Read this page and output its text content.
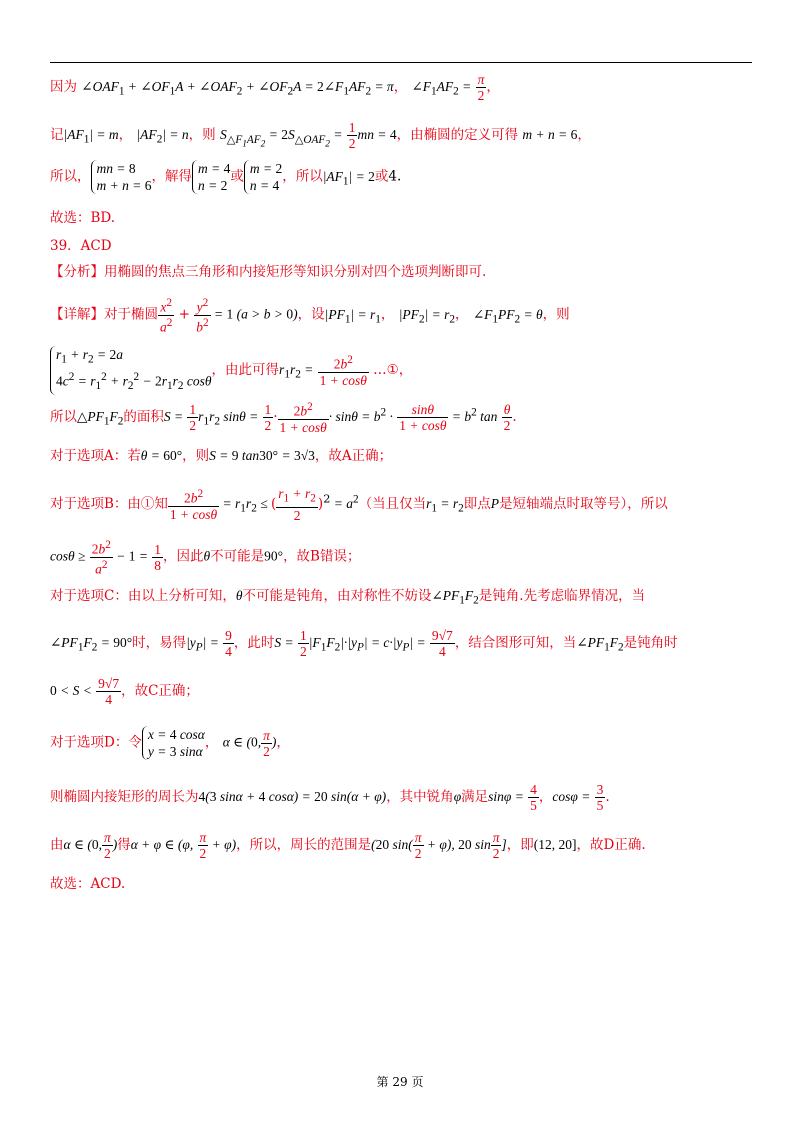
因为 $\angle OAF_1$ + $\angle OF_1A$ + $\angle OAF_2$ + $\angle OF_2A$ = $2\angle F_1AF_2 = \pi$， $\angle F_1AF_2 = \frac{\pi}{2}$ ，
记$|AF_1| = m$， $|AF_2| = n$，则 $S_{\triangle F_1AF_2} = 2S_{\triangle OAF_2} = \frac{1}{2}$ mn = 4，由椭圆的定义可得 m + n = 6，
所以， mn = 8
m + n = 6
，解得 m = 4
n = 2
或 m = 2
n = 4
，所以$|AF_1| = 2$或4.
故选：BD.
39．ACD
【分析】用椭圆的焦点三角形和内接矩形等知识分别对四个选项判断即可.
【详解】对于椭圆 $\frac{x^2}{a^2} + \frac{y^2}{b^2} = 1$ (a > b > 0)，设$|PF_1| = r_1$， $|PF_2| = r_2$， $\angle F_1PF_2 = \theta$，则
$r_1 + r_2 = 2a$
$4c^2 = r_1^2 + r_2^2 - 2r_1r_2$ cosθ
，由此可得$r_1r_2 = \frac{2b^2}{1 + \cos\theta}$ …①，
所以$\triangle PF_1F_2$的面积$S = \frac{1}{2} r_1r_2$ $\sin\theta = \frac{1}{2} \cdot \frac{2b^2}{1 + \cos\theta} \cdot \sin\theta = b^2 \cdot \frac{\sin\theta}{1 + \cos\theta} = b^2$ $\tan \frac{\theta}{2}$ .
对于选项A：若θ = 60°，则S = 9 tan30° = 3√3，故A正确；
对于选项B：由①知 $\frac{2b^2}{1 + \cos\theta} = r_1r_2$ ≤ ( $\frac{r_1 + r_2}{2} )^2 = a^2$（当且仅当$r_1 = r_2$即点P是短轴端点时取等号），所以
$\cos\theta \ge \frac{2b^2}{a^2} - 1 = \frac{1}{8}$ ，因此θ不可能是90°，故B错误；
对于选项C：由以上分析可知，θ不可能是钝角，由对称性不妨设$\angle PF_1F_2$是钝角.先考虑临界情况，当
$\angle PF_1F_2 = 90^\circ$时，易得$|y_P| = \frac{9}{4}$ ，此时$S = \frac{1}{2} |F_1F_2|\cdot|y_P| = c\cdot|y_P| = \frac{9√7}{4}$ ，结合图形可知，当$\angle PF_1F_2$是钝角时
$0 < S < \frac{9√7}{4}$ ，故C正确；
对于选项D：令 x = 4 cosα
y = 3 sinα
， α ∈ (0, $\frac{\pi}{2}$ )，
则椭圆内接矩形的周长为4(3 sinα + 4 cosα) = 20 sin(α + φ)，其中锐角φ满足$\sin\varphi = \frac{4}{5}$ ，$\cos\varphi = \frac{3}{5}$ .
由α ∈ (0, $\frac{\pi}{2}$ )得α + φ ∈ (φ, $\frac{\pi}{2} + \varphi$)，所以，周长的范围是(20 $\sin( \frac{\pi}{2} + \varphi)$, 20 $\sin \frac{\pi}{2}$ ]，即(12, 20]，故D正确.
故选：ACD.
第 29 页
